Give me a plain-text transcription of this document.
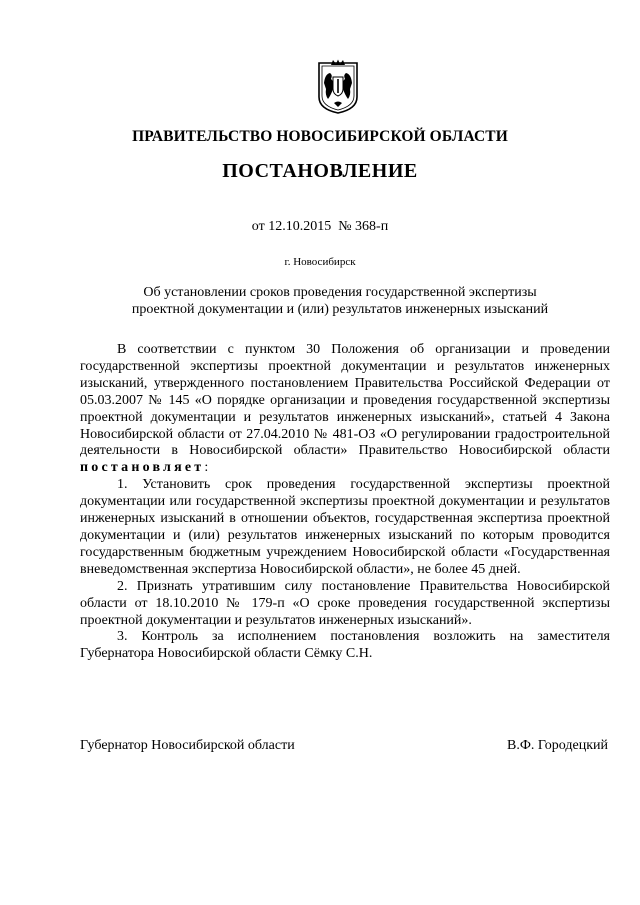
ПРАВИТЕЛЬСТВО НОВОСИБИРСКОЙ ОБЛАСТИ
ПОСТАНОВЛЕНИЕ
от 12.10.2015  № 368-п
г. Новосибирск
Об установлении сроков проведения государственной экспертизы
проектной документации и (или) результатов инженерных изысканий

В соответствии с пунктом 30 Положения об организации и проведении государственной экспертизы проектной документации и результатов инженерных изысканий, утвержденного постановлением Правительства Российской Федерации от 05.03.2007 № 145 «О порядке организации и проведения государственной экспертизы проектной документации и результатов инженерных изысканий», статьей 4 Закона Новосибирской области от 27.04.2010 № 481-ОЗ «О регулировании градостроительной деятельности в Новосибирской области» Правительство Новосибирской области постановляет:

1. Установить срок проведения государственной экспертизы проектной документации или государственной экспертизы проектной документации и результатов инженерных изысканий в отношении объектов, государственная экспертиза проектной документации и (или) результатов инженерных изысканий по которым проводится государственным бюджетным учреждением Новосибирской области «Государственная вневедомственная экспертиза Новосибирской области», не более 45 дней.

2. Признать утратившим силу постановление Правительства Новосибирской области от 18.10.2010 № 179-п «О сроке проведения государственной экспертизы проектной документации и результатов инженерных изысканий».

3. Контроль за исполнением постановления возложить на заместителя Губернатора Новосибирской области Сёмку С.Н.

Губернатор Новосибирской области	В.Ф. Городецкий
